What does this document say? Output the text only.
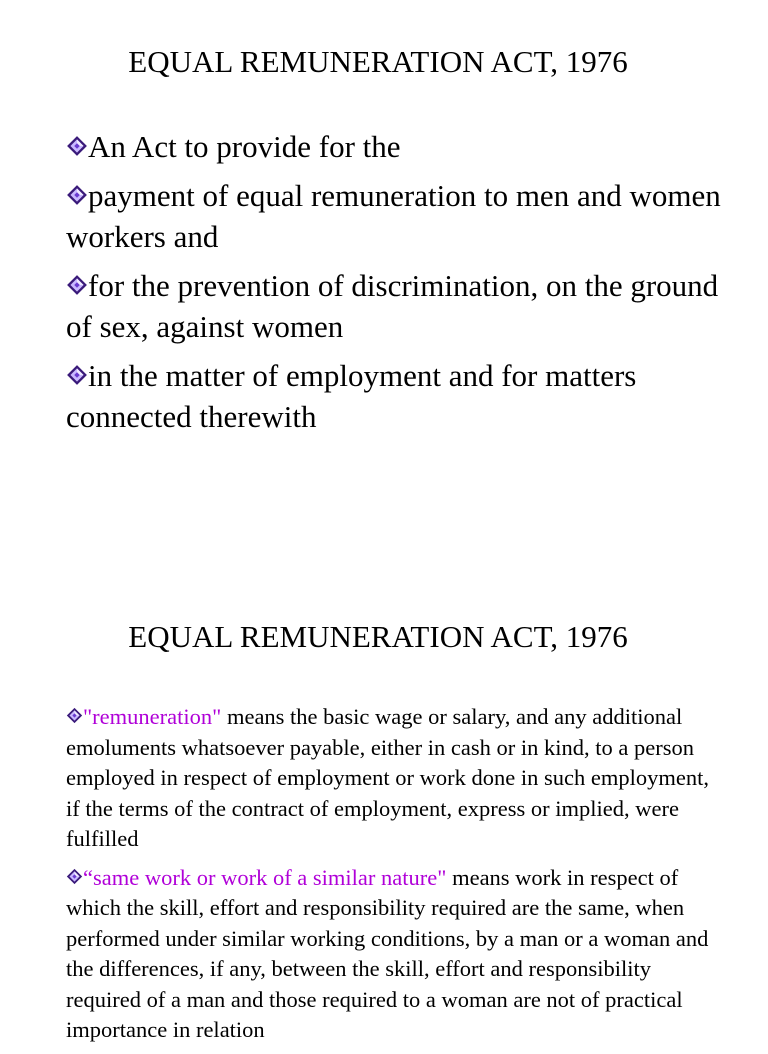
EQUAL REMUNERATION ACT, 1976
An Act to provide for the
payment of equal remuneration to men and women workers and
for the prevention of discrimination, on the ground of sex, against women
in the matter of employment and for matters connected therewith
EQUAL REMUNERATION ACT, 1976
"remuneration" means the basic wage or salary, and any additional emoluments whatsoever payable, either in cash or in kind, to a person employed in respect of employment or work done in such employment, if the terms of the contract of employment, express or implied, were fulfilled
“same work or work of a similar nature" means work in respect of which the skill, effort and responsibility required are the same, when performed under similar working conditions, by a man or a woman and the differences, if any, between the skill, effort and responsibility required of a man and those required to a woman are not of practical importance in relation
